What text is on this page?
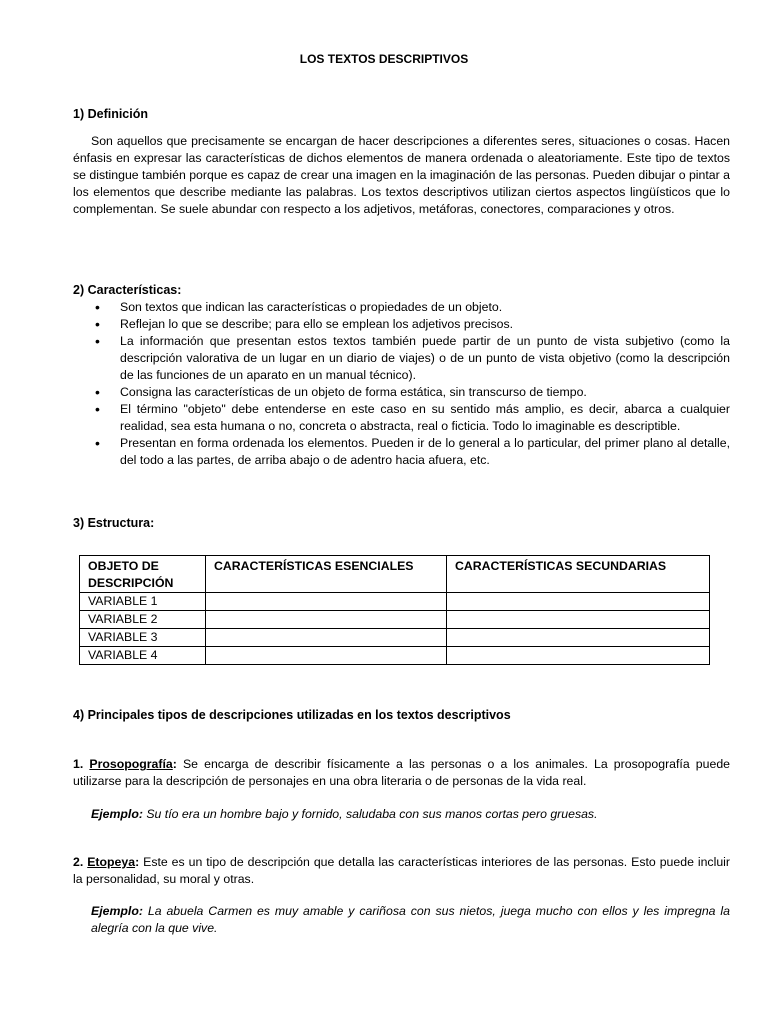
LOS TEXTOS DESCRIPTIVOS
1) Definición
Son aquellos que precisamente se encargan de hacer descripciones a diferentes seres, situaciones o cosas. Hacen énfasis en expresar las características de dichos elementos de manera ordenada o aleatoriamente. Este tipo de textos se distingue también porque es capaz de crear una imagen en la imaginación de las personas. Pueden dibujar o pintar a los elementos que describe mediante las palabras. Los textos descriptivos utilizan ciertos aspectos lingüísticos que lo complementan. Se suele abundar con respecto a los adjetivos, metáforas, conectores, comparaciones y otros.
2) Características:
• Son textos que indican las características o propiedades de un objeto.
• Reflejan lo que se describe; para ello se emplean los adjetivos precisos.
• La información que presentan estos textos también puede partir de un punto de vista subjetivo (como la descripción valorativa de un lugar en un diario de viajes) o de un punto de vista objetivo (como la descripción de las funciones de un aparato en un manual técnico).
• Consigna las características de un objeto de forma estática, sin transcurso de tiempo.
• El término "objeto" debe entenderse en este caso en su sentido más amplio, es decir, abarca a cualquier realidad, sea esta humana o no, concreta o abstracta, real o ficticia. Todo lo imaginable es descriptible.
• Presentan en forma ordenada los elementos. Pueden ir de lo general a lo particular, del primer plano al detalle, del todo a las partes, de arriba abajo o de adentro hacia afuera, etc.
3) Estructura:
OBJETO DE DESCRIPCIÓN	CARACTERÍSTICAS ESENCIALES	CARACTERÍSTICAS SECUNDARIAS
VARIABLE 1		
VARIABLE 2		
VARIABLE 3		
VARIABLE 4		
4) Principales tipos de descripciones utilizadas en los textos descriptivos
1. Prosopografía: Se encarga de describir físicamente a las personas o a los animales. La prosopografía puede utilizarse para la descripción de personajes en una obra literaria o de personas de la vida real.
Ejemplo: Su tío era un hombre bajo y fornido, saludaba con sus manos cortas pero gruesas.
2. Etopeya: Este es un tipo de descripción que detalla las características interiores de las personas. Esto puede incluir la personalidad, su moral y otras.
Ejemplo: La abuela Carmen es muy amable y cariñosa con sus nietos, juega mucho con ellos y les impregna la alegría con la que vive.
